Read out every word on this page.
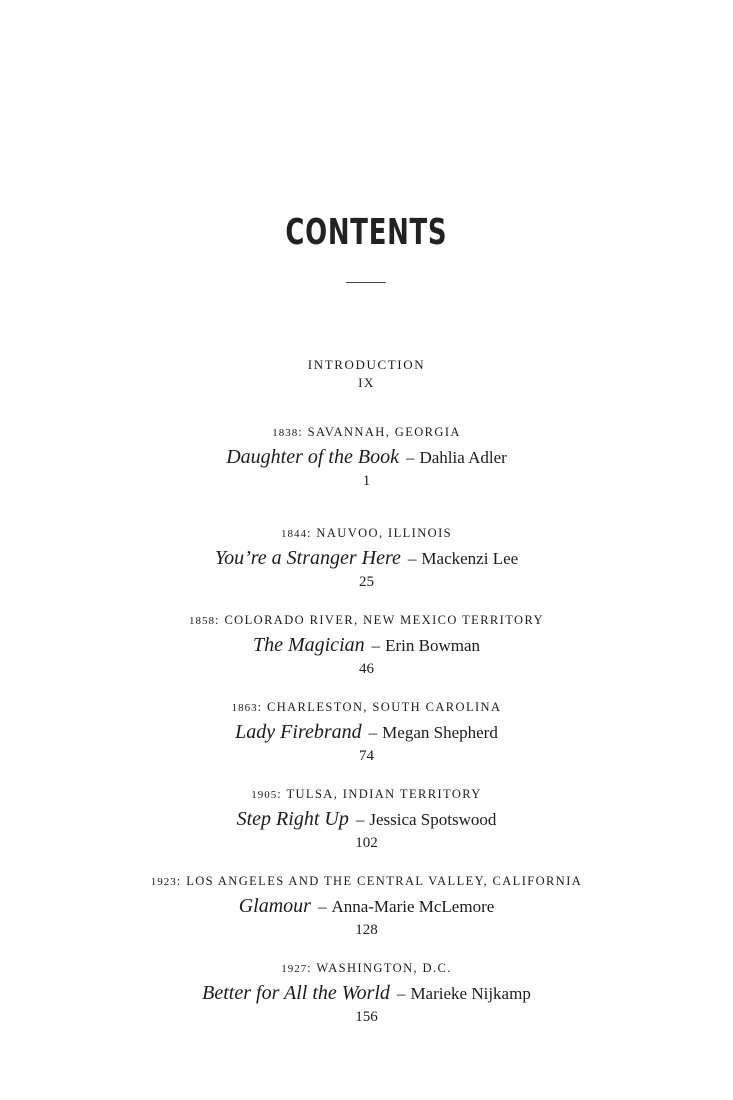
CONTENTS
INTRODUCTION
IX
1838: SAVANNAH, GEORGIA
Daughter of the Book – Dahlia Adler
1
1844: NAUVOO, ILLINOIS
You’re a Stranger Here – Mackenzi Lee
25
1858: COLORADO RIVER, NEW MEXICO TERRITORY
The Magician – Erin Bowman
46
1863: CHARLESTON, SOUTH CAROLINA
Lady Firebrand – Megan Shepherd
74
1905: TULSA, INDIAN TERRITORY
Step Right Up – Jessica Spotswood
102
1923: LOS ANGELES AND THE CENTRAL VALLEY, CALIFORNIA
Glamour – Anna-Marie McLemore
128
1927: WASHINGTON, D.C.
Better for All the World – Marieke Nijkamp
156
